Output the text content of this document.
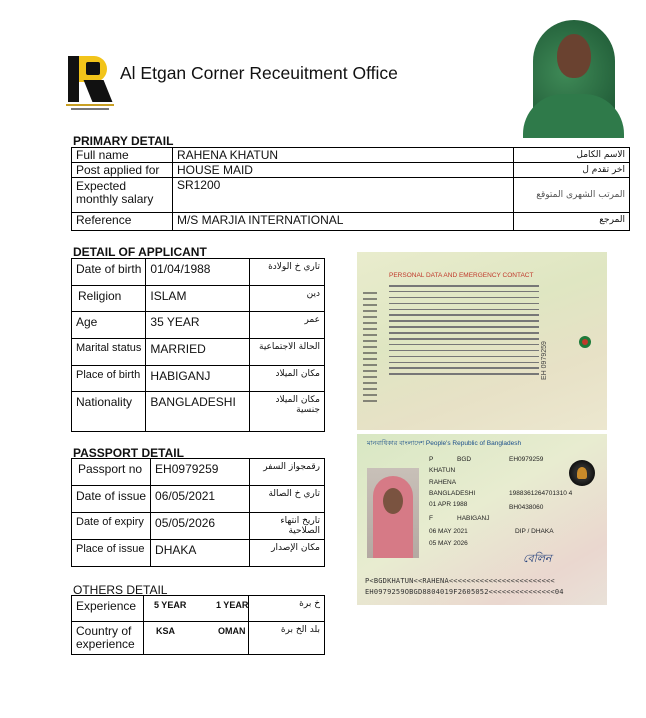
Al Etgan Corner Receuitment Office
PRIMARY DETAIL
Full name	RAHENA KHATUN	الاسم الكامل
Post applied for	HOUSE MAID	اخر تقدم ل
Expected monthly salary	SR1200	المرتب الشهرى المتوقع
Reference	M/S MARJIA INTERNATIONAL	المرجع
DETAIL OF APPLICANT
Date of birth	01/04/1988	تاري خ الولادة
Religion	ISLAM	دين
Age	35 YEAR	عمر
Marital status	MARRIED	الحالة الاجتماعية
Place of birth	HABIGANJ	مكان الميلاد
Nationality	BANGLADESHI	مكان الميلاد جنسية
PASSPORT DETAIL
Passport no	EH0979259	رقمجواز السفر
Date of issue	06/05/2021	تاري خ الصالة
Date of expiry	05/05/2026	تاريخ انتهاء الصلاحية
Place of issue	DHAKA	مكان الإصدار
OTHERS DETAIL
Experience	5 YEAR 1 YEAR	خ برة
Country of experience	KSA OMAN	بلد الخ برة
PERSONAL DATA AND EMERGENCY CONTACT
EH 0979259
মানবাধিকার বাংলাদেশ People's Republic of Bangladesh
P	BGD	EH0979259
KHATUN
RAHENA
BANGLADESHI	1988361264701310 4
01 APR 1988	BH0438060
F	HABIGANJ
06 MAY 2021	DIP / DHAKA
05 MAY 2026
বেলিন
P<BGDKHATUN<<RAHENA<<<<<<<<<<<<<<<<<<<<<<<<
EH0979259OBGD8804019F2605052<<<<<<<<<<<<<<<04
